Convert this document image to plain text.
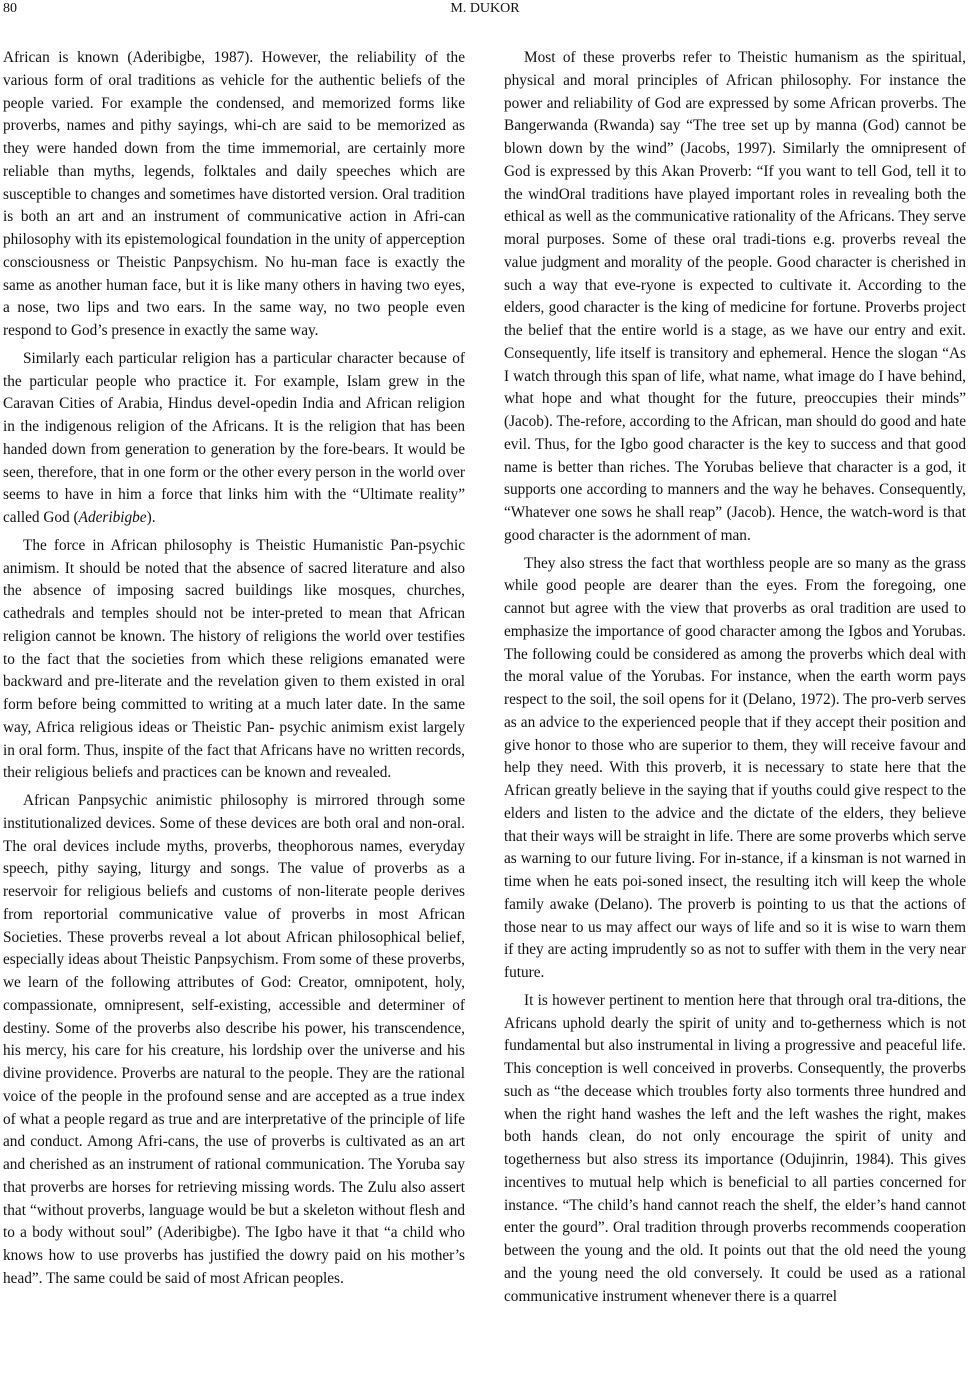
80	M. DUKOR

African is known (Aderibigbe, 1987). However, the reliability of the various form of oral traditions as vehicle for the authentic beliefs of the people varied. For example the condensed, and memorized forms like proverbs, names and pithy sayings, whi-ch are said to be memorized as they were handed down from the time immemorial, are certainly more reliable than myths, legends, folktales and daily speeches which are susceptible to changes and sometimes have distorted version. Oral tradition is both an art and an instrument of communicative action in Afri-can philosophy with its epistemological foundation in the unity of apperception consciousness or Theistic Panpsychism. No hu-man face is exactly the same as another human face, but it is like many others in having two eyes, a nose, two lips and two ears. In the same way, no two people even respond to God’s presence in exactly the same way.

Similarly each particular religion has a particular character because of the particular people who practice it. For example, Islam grew in the Caravan Cities of Arabia, Hindus devel-opedin India and African religion in the indigenous religion of the Africans. It is the religion that has been handed down from generation to generation by the fore-bears. It would be seen, therefore, that in one form or the other every person in the world over seems to have in him a force that links him with the “Ultimate reality” called God (Aderibigbe).

The force in African philosophy is Theistic Humanistic Pan-psychic animism. It should be noted that the absence of sacred literature and also the absence of imposing sacred buildings like mosques, churches, cathedrals and temples should not be inter-preted to mean that African religion cannot be known. The history of religions the world over testifies to the fact that the societies from which these religions emanated were backward and pre-literate and the revelation given to them existed in oral form before being committed to writing at a much later date. In the same way, Africa religious ideas or Theistic Pan- psychic animism exist largely in oral form. Thus, inspite of the fact that Africans have no written records, their religious beliefs and practices can be known and revealed.

African Panpsychic animistic philosophy is mirrored through some institutionalized devices. Some of these devices are both oral and non-oral. The oral devices include myths, proverbs, theophorous names, everyday speech, pithy saying, liturgy and songs. The value of proverbs as a reservoir for religious beliefs and customs of non-literate people derives from reportorial communicative value of proverbs in most African Societies. These proverbs reveal a lot about African philosophical belief, especially ideas about Theistic Panpsychism. From some of these proverbs, we learn of the following attributes of God: Creator, omnipotent, holy, compassionate, omnipresent, self-existing, accessible and determiner of destiny. Some of the proverbs also describe his power, his transcendence, his mercy, his care for his creature, his lordship over the universe and his divine providence. Proverbs are natural to the people. They are the rational voice of the people in the profound sense and are accepted as a true index of what a people regard as true and are interpretative of the principle of life and conduct. Among Afri-cans, the use of proverbs is cultivated as an art and cherished as an instrument of rational communication. The Yoruba say that proverbs are horses for retrieving missing words. The Zulu also assert that “without proverbs, language would be but a skeleton without flesh and to a body without soul” (Aderibigbe). The Igbo have it that “a child who knows how to use proverbs has justified the dowry paid on his mother’s head”. The same could be said of most African peoples.

Most of these proverbs refer to Theistic humanism as the spiritual, physical and moral principles of African philosophy. For instance the power and reliability of God are expressed by some African proverbs. The Bangerwanda (Rwanda) say “The tree set up by manna (God) cannot be blown down by the wind” (Jacobs, 1997). Similarly the omnipresent of God is expressed by this Akan Proverb: “If you want to tell God, tell it to the windOral traditions have played important roles in revealing both the ethical as well as the communicative rationality of the Africans. They serve moral purposes. Some of these oral tradi-tions e.g. proverbs reveal the value judgment and morality of the people. Good character is cherished in such a way that eve-ryone is expected to cultivate it. According to the elders, good character is the king of medicine for fortune. Proverbs project the belief that the entire world is a stage, as we have our entry and exit. Consequently, life itself is transitory and ephemeral. Hence the slogan “As I watch through this span of life, what name, what image do I have behind, what hope and what thought for the future, preoccupies their minds” (Jacob). The-refore, according to the African, man should do good and hate evil. Thus, for the Igbo good character is the key to success and that good name is better than riches. The Yorubas believe that character is a god, it supports one according to manners and the way he behaves. Consequently, “Whatever one sows he shall reap” (Jacob). Hence, the watch-word is that good character is the adornment of man.

They also stress the fact that worthless people are so many as the grass while good people are dearer than the eyes. From the foregoing, one cannot but agree with the view that proverbs as oral tradition are used to emphasize the importance of good character among the Igbos and Yorubas. The following could be considered as among the proverbs which deal with the moral value of the Yorubas. For instance, when the earth worm pays respect to the soil, the soil opens for it (Delano, 1972). The pro-verb serves as an advice to the experienced people that if they accept their position and give honor to those who are superior to them, they will receive favour and help they need. With this proverb, it is necessary to state here that the African greatly believe in the saying that if youths could give respect to the elders and listen to the advice and the dictate of the elders, they believe that their ways will be straight in life. There are some proverbs which serve as warning to our future living. For in-stance, if a kinsman is not warned in time when he eats poi-soned insect, the resulting itch will keep the whole family awake (Delano). The proverb is pointing to us that the actions of those near to us may affect our ways of life and so it is wise to warn them if they are acting imprudently so as not to suffer with them in the very near future.

It is however pertinent to mention here that through oral tra-ditions, the Africans uphold dearly the spirit of unity and to-getherness which is not fundamental but also instrumental in living a progressive and peaceful life. This conception is well conceived in proverbs. Consequently, the proverbs such as “the decease which troubles forty also torments three hundred and when the right hand washes the left and the left washes the right, makes both hands clean, do not only encourage the spirit of unity and togetherness but also stress its importance (Odujinrin, 1984). This gives incentives to mutual help which is beneficial to all parties concerned for instance. “The child’s hand cannot reach the shelf, the elder’s hand cannot enter the gourd”. Oral tradition through proverbs recommends cooperation between the young and the old. It points out that the old need the young and the young need the old conversely. It could be used as a rational communicative instrument whenever there is a quarrel
